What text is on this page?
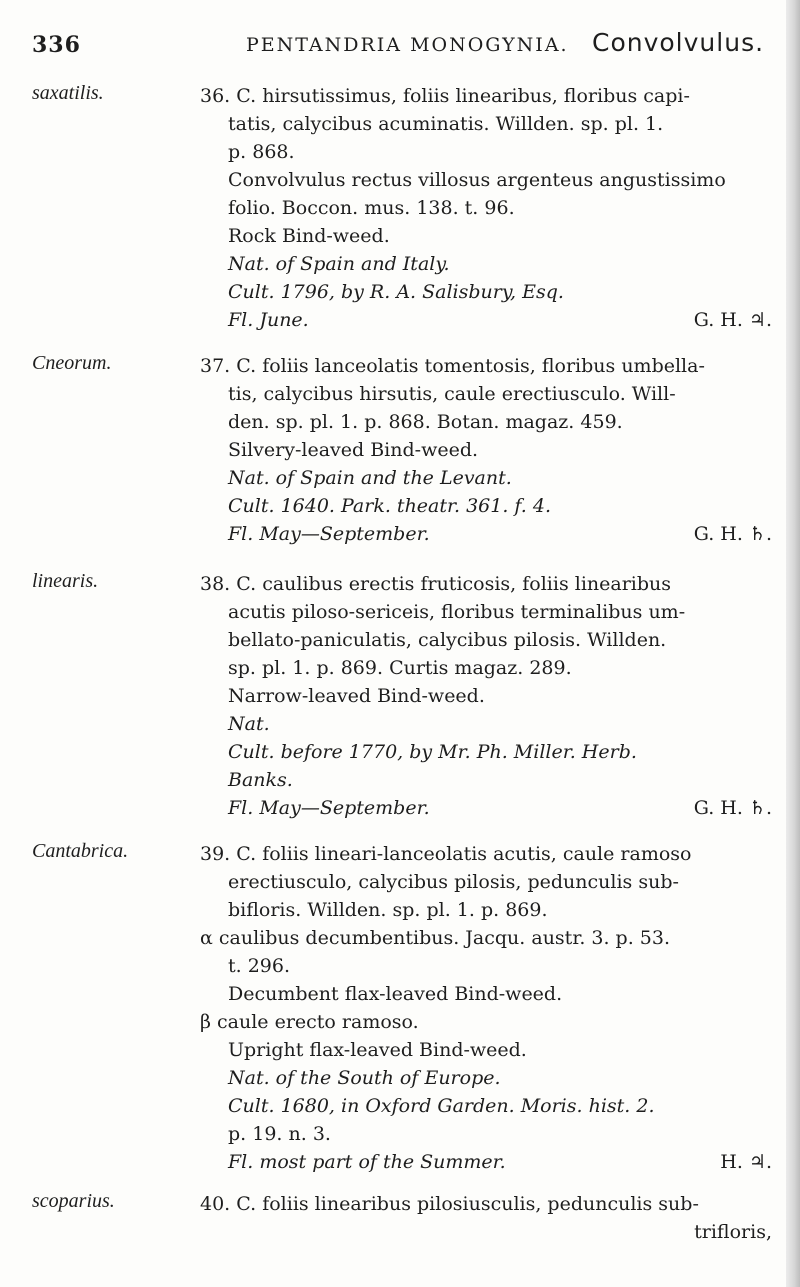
336	PENTANDRIA MONOGYNIA. Convolvulus.
saxatilis.	36. C. hirsutissimus, foliis linearibus, floribus capi-
tatis, calycibus acuminatis. Willden. sp. pl. 1.
p. 868.
Convolvulus rectus villosus argenteus angustissimo
folio. Boccon. mus. 138. t. 96.
Rock Bind-weed.
Nat. of Spain and Italy.
Cult. 1796, by R. A. Salisbury, Esq.
Fl. June.	G. H. ♃.
Cneorum.	37. C. foliis lanceolatis tomentosis, floribus umbella-
tis, calycibus hirsutis, caule erectiusculo. Will-
den. sp. pl. 1. p. 868. Botan. magaz. 459.
Silvery-leaved Bind-weed.
Nat. of Spain and the Levant.
Cult. 1640. Park. theatr. 361. f. 4.
Fl. May—September.	G. H. ♄.
linearis.	38. C. caulibus erectis fruticosis, foliis linearibus
acutis piloso-sericeis, floribus terminalibus um-
bellato-paniculatis, calycibus pilosis. Willden.
sp. pl. 1. p. 869. Curtis magaz. 289.
Narrow-leaved Bind-weed.
Nat.
Cult. before 1770, by Mr. Ph. Miller. Herb.
Banks.
Fl. May—September.	G. H. ♄.
Cantabrica.	39. C. foliis lineari-lanceolatis acutis, caule ramoso
erectiusculo, calycibus pilosis, pedunculis sub-
bifloris. Willden. sp. pl. 1. p. 869.
α caulibus decumbentibus. Jacqu. austr. 3. p. 53.
t. 296.
Decumbent flax-leaved Bind-weed.
β caule erecto ramoso.
Upright flax-leaved Bind-weed.
Nat. of the South of Europe.
Cult. 1680, in Oxford Garden. Moris. hist. 2.
p. 19. n. 3.
Fl. most part of the Summer.	H. ♃.
scoparius.	40. C. foliis linearibus pilosiusculis, pedunculis sub-
trifloris,
